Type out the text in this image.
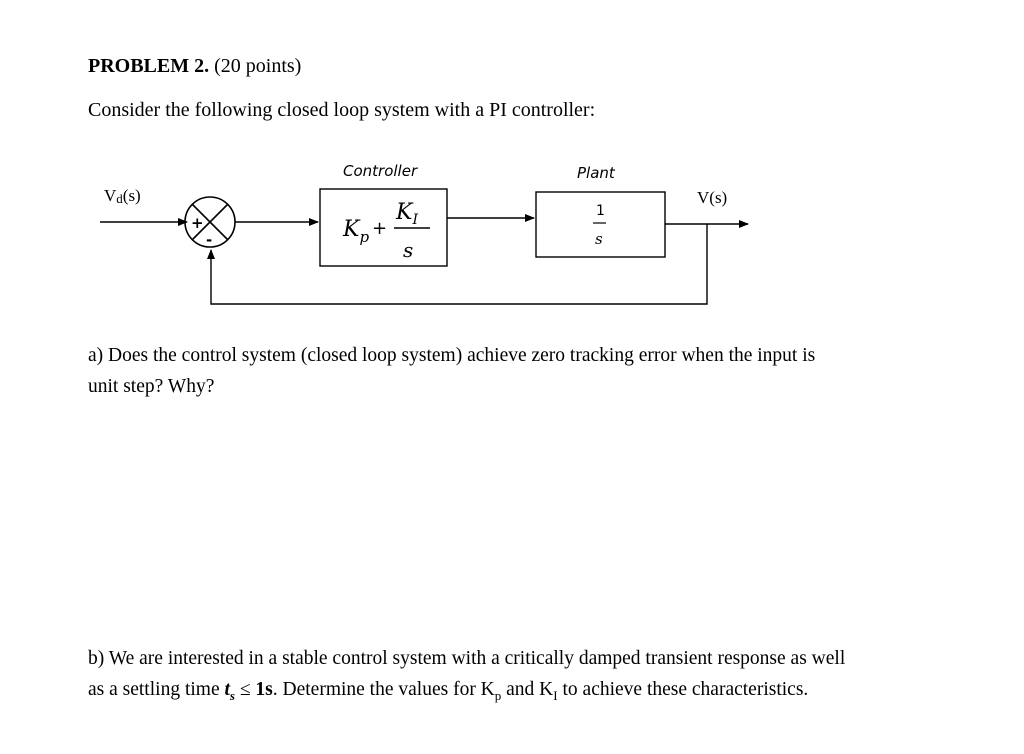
PROBLEM 2. (20 points)
Consider the following closed loop system with a PI controller:
Vd(s)
+
-
Controller
$K_p$ +
$K_I$
s
Plant
1
s
V(s)
a) Does the control system (closed loop system) achieve zero tracking error when the input is
unit step? Why?
b) We are interested in a stable control system with a critically damped transient response as well
as a settling time $t_s \le 1s$. Determine the values for $K_p$ and $K_I$ to achieve these characteristics.
